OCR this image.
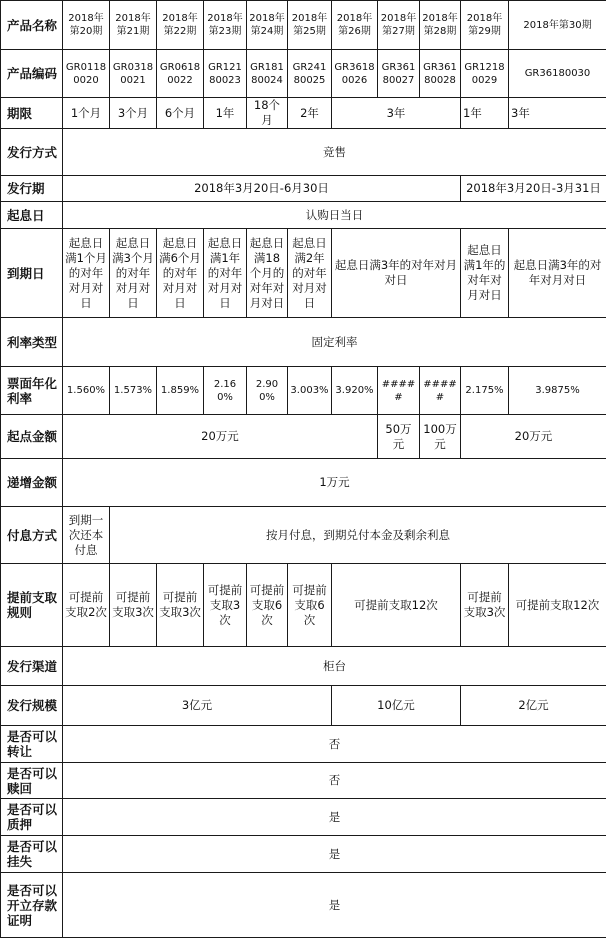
产品名称	2018年第20期	2018年第21期	2018年第22期	2018年第23期	2018年第24期	2018年第25期	2018年第26期	2018年第27期	2018年第28期	2018年第29期	2018年第30期
产品编码	GR01180020	GR03180021	GR06180022	GR12180023	GR18180024	GR24180025	GR36180026	GR36180027	GR36180028	GR12180029	GR36180030
期限	1个月	3个月	6个月	1年	18个月	2年	3年			1年	3年
发行方式	竞售										
发行期	2018年3月20日-6月30日									2018年3月20日-3月31日	
起息日	认购日当日										
到期日	起息日满1个月的对年对月对日	起息日满3个月的对年对月对日	起息日满6个月的对年对月对日	起息日满1年的对年对月对日	起息日满18个月的对年对月对日	起息日满2年的对年对月对日	起息日满3年的对年对月对日			起息日满1年的对年对月对日	起息日满3年的对年对月对日
利率类型	固定利率										
票面年化利率	1.560%	1.573%	1.859%	2.160%	2.900%	3.003%	3.920%	#####	#####	2.175%	3.9875%
起点金额	20万元							50万元	100万元	20万元	
递增金额	1万元										
付息方式	到期一次还本付息	按月付息，到期兑付本金及剩余利息									
提前支取规则	可提前支取2次	可提前支取3次	可提前支取3次	可提前支取3次	可提前支取6次	可提前支取6次	可提前支取12次			可提前支取3次	可提前支取12次
发行渠道	柜台										
发行规模	3亿元						10亿元			2亿元	
是否可以转让	否										
是否可以赎回	否										
是否可以质押	是										
是否可以挂失	是										
是否可以开立存款证明	是										
